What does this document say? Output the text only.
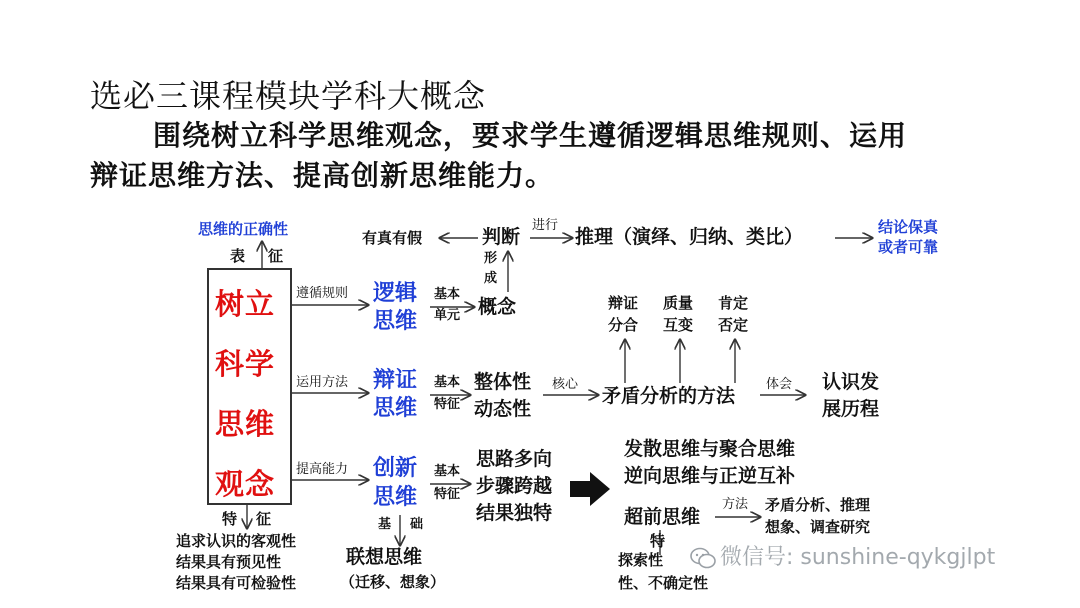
选必三课程模块学科大概念
围绕树立科学思维观念，要求学生遵循逻辑思维规则、运用
辩证思维方法、提高创新思维能力。
树立
科学
思维
观念
思维的正确性
表 征
特 征
追求认识的客观性
结果具有预见性
结果具有可检验性
遵循规则
运用方法
提高能力
逻辑
思维
基本
单元 概念
形
成
判断
有真有假
进行
推理（演绎、归纳、类比）	结论保真
或者可靠
辩证
思维
基本
特征
整体性
动态性
核心
矛盾分析的方法
辩证
分合
质量
互变
肯定
否定
体会 认识发
展历程
创新
思维
基本
特征
思路多向
步骤跨越
结果独特
基 础
联想思维
（迁移、想象）
发散思维与聚合思维
逆向思维与正逆互补
超前思维
方法 矛盾分析、推理
想象、调查研究
特
探索性
性、不确定性
微信号: sunshine-qykgjlpt
